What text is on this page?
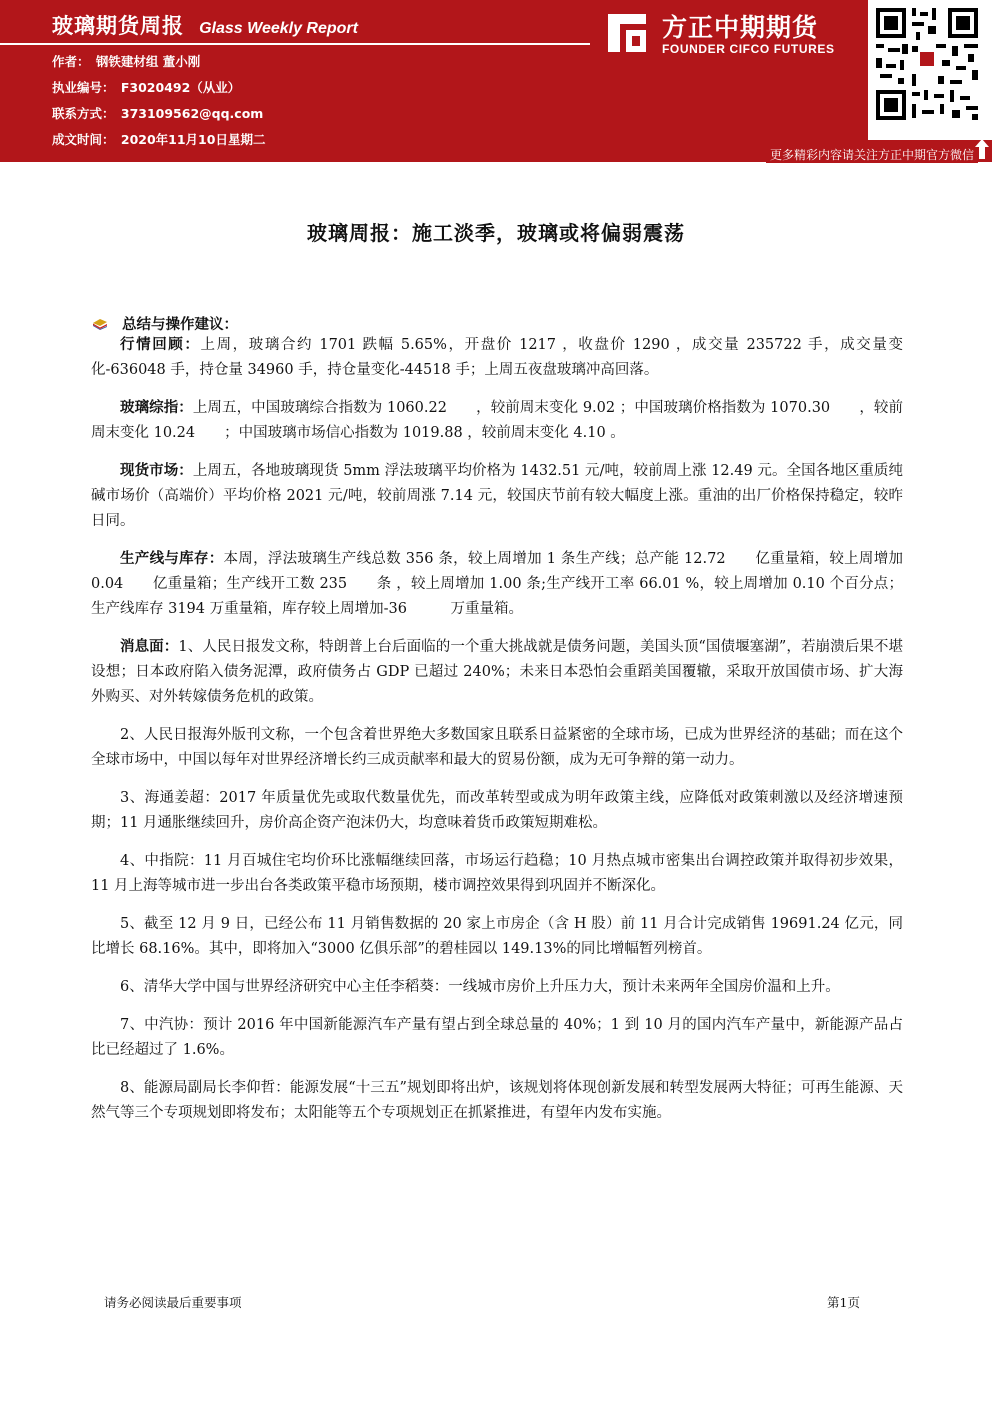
玻璃期货周报 Glass Weekly Report
作者： 钢铁建材组 董小刚
执业编号： F3020492（从业）
联系方式： 373109562@qq.com
成文时间： 2020年11月10日星期二
方正中期期货
FOUNDER CIFCO FUTURES
更多精彩内容请关注方正中期官方微信
玻璃周报：施工淡季，玻璃或将偏弱震荡
总结与操作建议：

行情回顾：上周，玻璃合约 1701 跌幅 5.65%，开盘价 1217 ，收盘价 1290 ，成交量 235722 手，成交量变化-636048 手，持仓量 34960 手，持仓量变化-44518 手；上周五夜盘玻璃冲高回落。

玻璃综指：上周五，中国玻璃综合指数为 1060.22　　，较前周末变化 9.02 ；中国玻璃价格指数为 1070.30　　，较前周末变化 10.24　　；中国玻璃市场信心指数为 1019.88 ，较前周末变化 4.10 。

现货市场：上周五，各地玻璃现货 5mm 浮法玻璃平均价格为 1432.51 元/吨，较前周上涨 12.49 元。全国各地区重质纯碱市场价（高端价）平均价格 2021 元/吨，较前周涨 7.14 元，较国庆节前有较大幅度上涨。重油的出厂价格保持稳定，较昨日同。

生产线与库存：本周，浮法玻璃生产线总数 356 条，较上周增加 1 条生产线；总产能 12.72　　亿重量箱，较上周增加 0.04　　亿重量箱；生产线开工数 235　　条 ，较上周增加 1.00 条;生产线开工率 66.01 %，较上周增加 0.10 个百分点；生产线库存 3194 万重量箱，库存较上周增加-36　　　万重量箱。

消息面：1、人民日报发文称，特朗普上台后面临的一个重大挑战就是债务问题，美国头顶“国债堰塞湖”，若崩溃后果不堪设想；日本政府陷入债务泥潭，政府债务占 GDP 已超过 240%；未来日本恐怕会重蹈美国覆辙，采取开放国债市场、扩大海外购买、对外转嫁债务危机的政策。

2、人民日报海外版刊文称，一个包含着世界绝大多数国家且联系日益紧密的全球市场，已成为世界经济的基础；而在这个全球市场中，中国以每年对世界经济增长约三成贡献率和最大的贸易份额，成为无可争辩的第一动力。

3、海通姜超：2017 年质量优先或取代数量优先，而改革转型或成为明年政策主线，应降低对政策刺激以及经济增速预期；11 月通胀继续回升，房价高企资产泡沫仍大，均意味着货币政策短期难松。

4、中指院：11 月百城住宅均价环比涨幅继续回落，市场运行趋稳；10 月热点城市密集出台调控政策并取得初步效果，11 月上海等城市进一步出台各类政策平稳市场预期，楼市调控效果得到巩固并不断深化。

5、截至 12 月 9 日，已经公布 11 月销售数据的 20 家上市房企（含 H 股）前 11 月合计完成销售 19691.24 亿元，同比增长 68.16%。其中，即将加入“3000 亿俱乐部”的碧桂园以 149.13%的同比增幅暂列榜首。

6、清华大学中国与世界经济研究中心主任李稻葵：一线城市房价上升压力大，预计未来两年全国房价温和上升。

7、中汽协：预计 2016 年中国新能源汽车产量有望占到全球总量的 40%；1 到 10 月的国内汽车产量中，新能源产品占比已经超过了 1.6%。

8、能源局副局长李仰哲：能源发展“十三五”规划即将出炉，该规划将体现创新发展和转型发展两大特征；可再生能源、天然气等三个专项规划即将发布；太阳能等五个专项规划正在抓紧推进，有望年内发布实施。

请务必阅读最后重要事项	第1页
